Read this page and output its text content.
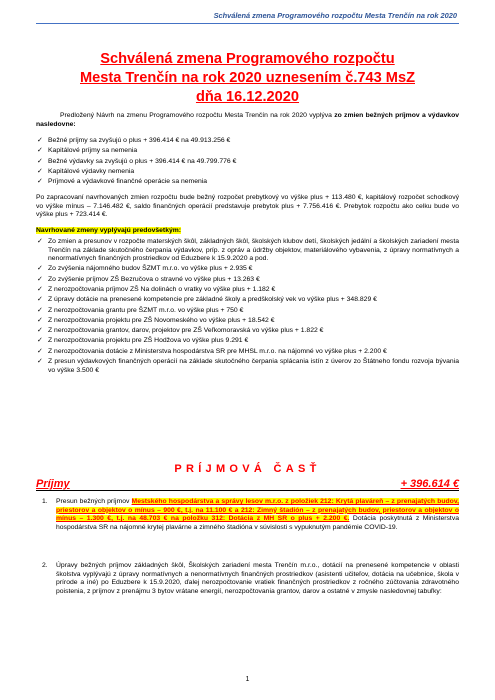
Schválená zmena Programového rozpočtu Mesta Trenčín na rok 2020
Schválená zmena Programového rozpočtu
Mesta Trenčín na rok 2020 uznesením č.743 MsZ
dňa 16.12.2020
Predložený Návrh na zmenu Programového rozpočtu Mesta Trenčín na rok 2020 vyplýva zo zmien bežných príjmov a výdavkov nasledovne:
✓ Bežné príjmy sa zvyšujú o plus + 396.414 € na 49.913.256 €
✓ Kapitálové príjmy sa nemenia
✓ Bežné výdavky sa zvyšujú o plus + 396.414 € na 49.799.776 €
✓ Kapitálové výdavky nemenia
✓ Príjmové a výdavkové finančné operácie sa nemenia
Po zapracovaní navrhovaných zmien rozpočtu bude bežný rozpočet prebytkový vo výške plus + 113.480 €, kapitálový rozpočet schodkový vo výške mínus – 7.146.482 €, saldo finančných operácií predstavuje prebytok plus + 7.756.416 €. Prebytok rozpočtu ako celku bude vo výške plus + 723.414 €.
Navrhované zmeny vyplývajú predovšetkým:
✓ Zo zmien a presunov v rozpočte materských škôl, základných škôl, školských klubov detí, školských jedální a školských zariadení mesta Trenčín na základe skutočného čerpania výdavkov, príp. z opráv a údržby objektov, materiálového vybavenia, z úpravy normatívnych a nenormatívnych finančných prostriedkov od Eduzbere k 15.9.2020 a pod.
✓ Zo zvýšenia nájomného budov ŠZMT m.r.o. vo výške plus + 2.935 €
✓ Zo zvýšenie príjmov ZŠ Bezručova o stravné vo výške plus + 13.263 €
✓ Z nerozpočtovania príjmov ZŠ Na dolinách o vratky vo výške plus + 1.182 €
✓ Z úpravy dotácie na prenesené kompetencie pre základné školy a predškolský vek vo výške plus + 348.829 €
✓ Z nerozpočtovania grantu pre ŠZMT m.r.o. vo výške plus + 750 €
✓ Z nerozpočtovania projektu pre ZŠ Novomeského vo výške plus + 18.542 €
✓ Z nerozpočtovania grantov, darov, projektov pre ZŠ Veľkomoravská vo výške plus + 1.822 €
✓ Z nerozpočtovania projektu pre ZŠ Hodžova vo výške plus 9.291 €
✓ Z nerozpočtovania dotácie z Ministerstva hospodárstva SR pre MHSL m.r.o. na nájomné vo výške plus + 2.200 €
✓ Z presun výdavkových finančných operácií na základe skutočného čerpania splácania istín z úverov zo Štátneho fondu rozvoja bývania vo výške 3.500 €
PRÍJMOVÁ ČASŤ
Príjmy	+ 396.614 €
1. Presun bežných príjmov Mestského hospodárstva a správy lesov m.r.o. z položiek 212: Krytá plaváreň – z prenajatých budov, priestorov a objektov o mínus – 900 €, t.j. na 11.100 € a 212: Zimný štadión – z prenajatých budov, priestorov a objektov o mínus – 1.300 €, t.j. na 48.703 € na položku 312: Dotácia z MH SR o plus + 2.200 €. Dotácia poskytnutá z Ministerstva hospodárstva SR na nájomné krytej plavárne a zimného štadióna v súvislosti s vypuknutým pandémie COVID-19.
2. Úpravy bežných príjmov základných škôl, Školských zariadení mesta Trenčín m.r.o., dotácií na prenesené kompetencie v oblasti školstva vyplývajú z úpravy normatívnych a nenormatívnych finančných prostriedkov (asistenti učiteľov, dotácia na učebnice, škola v prírode a iné) po Eduzbere k 15.9.2020, ďalej nerozpočtovanie vratiek finančných prostriedkov z ročného zúčtovania zdravotného poistenia, z príjmov z prenájmu 3 bytov vrátane energií, nerozpočtovania grantov, darov a ostatné v zmysle nasledovnej tabuľky:
1
